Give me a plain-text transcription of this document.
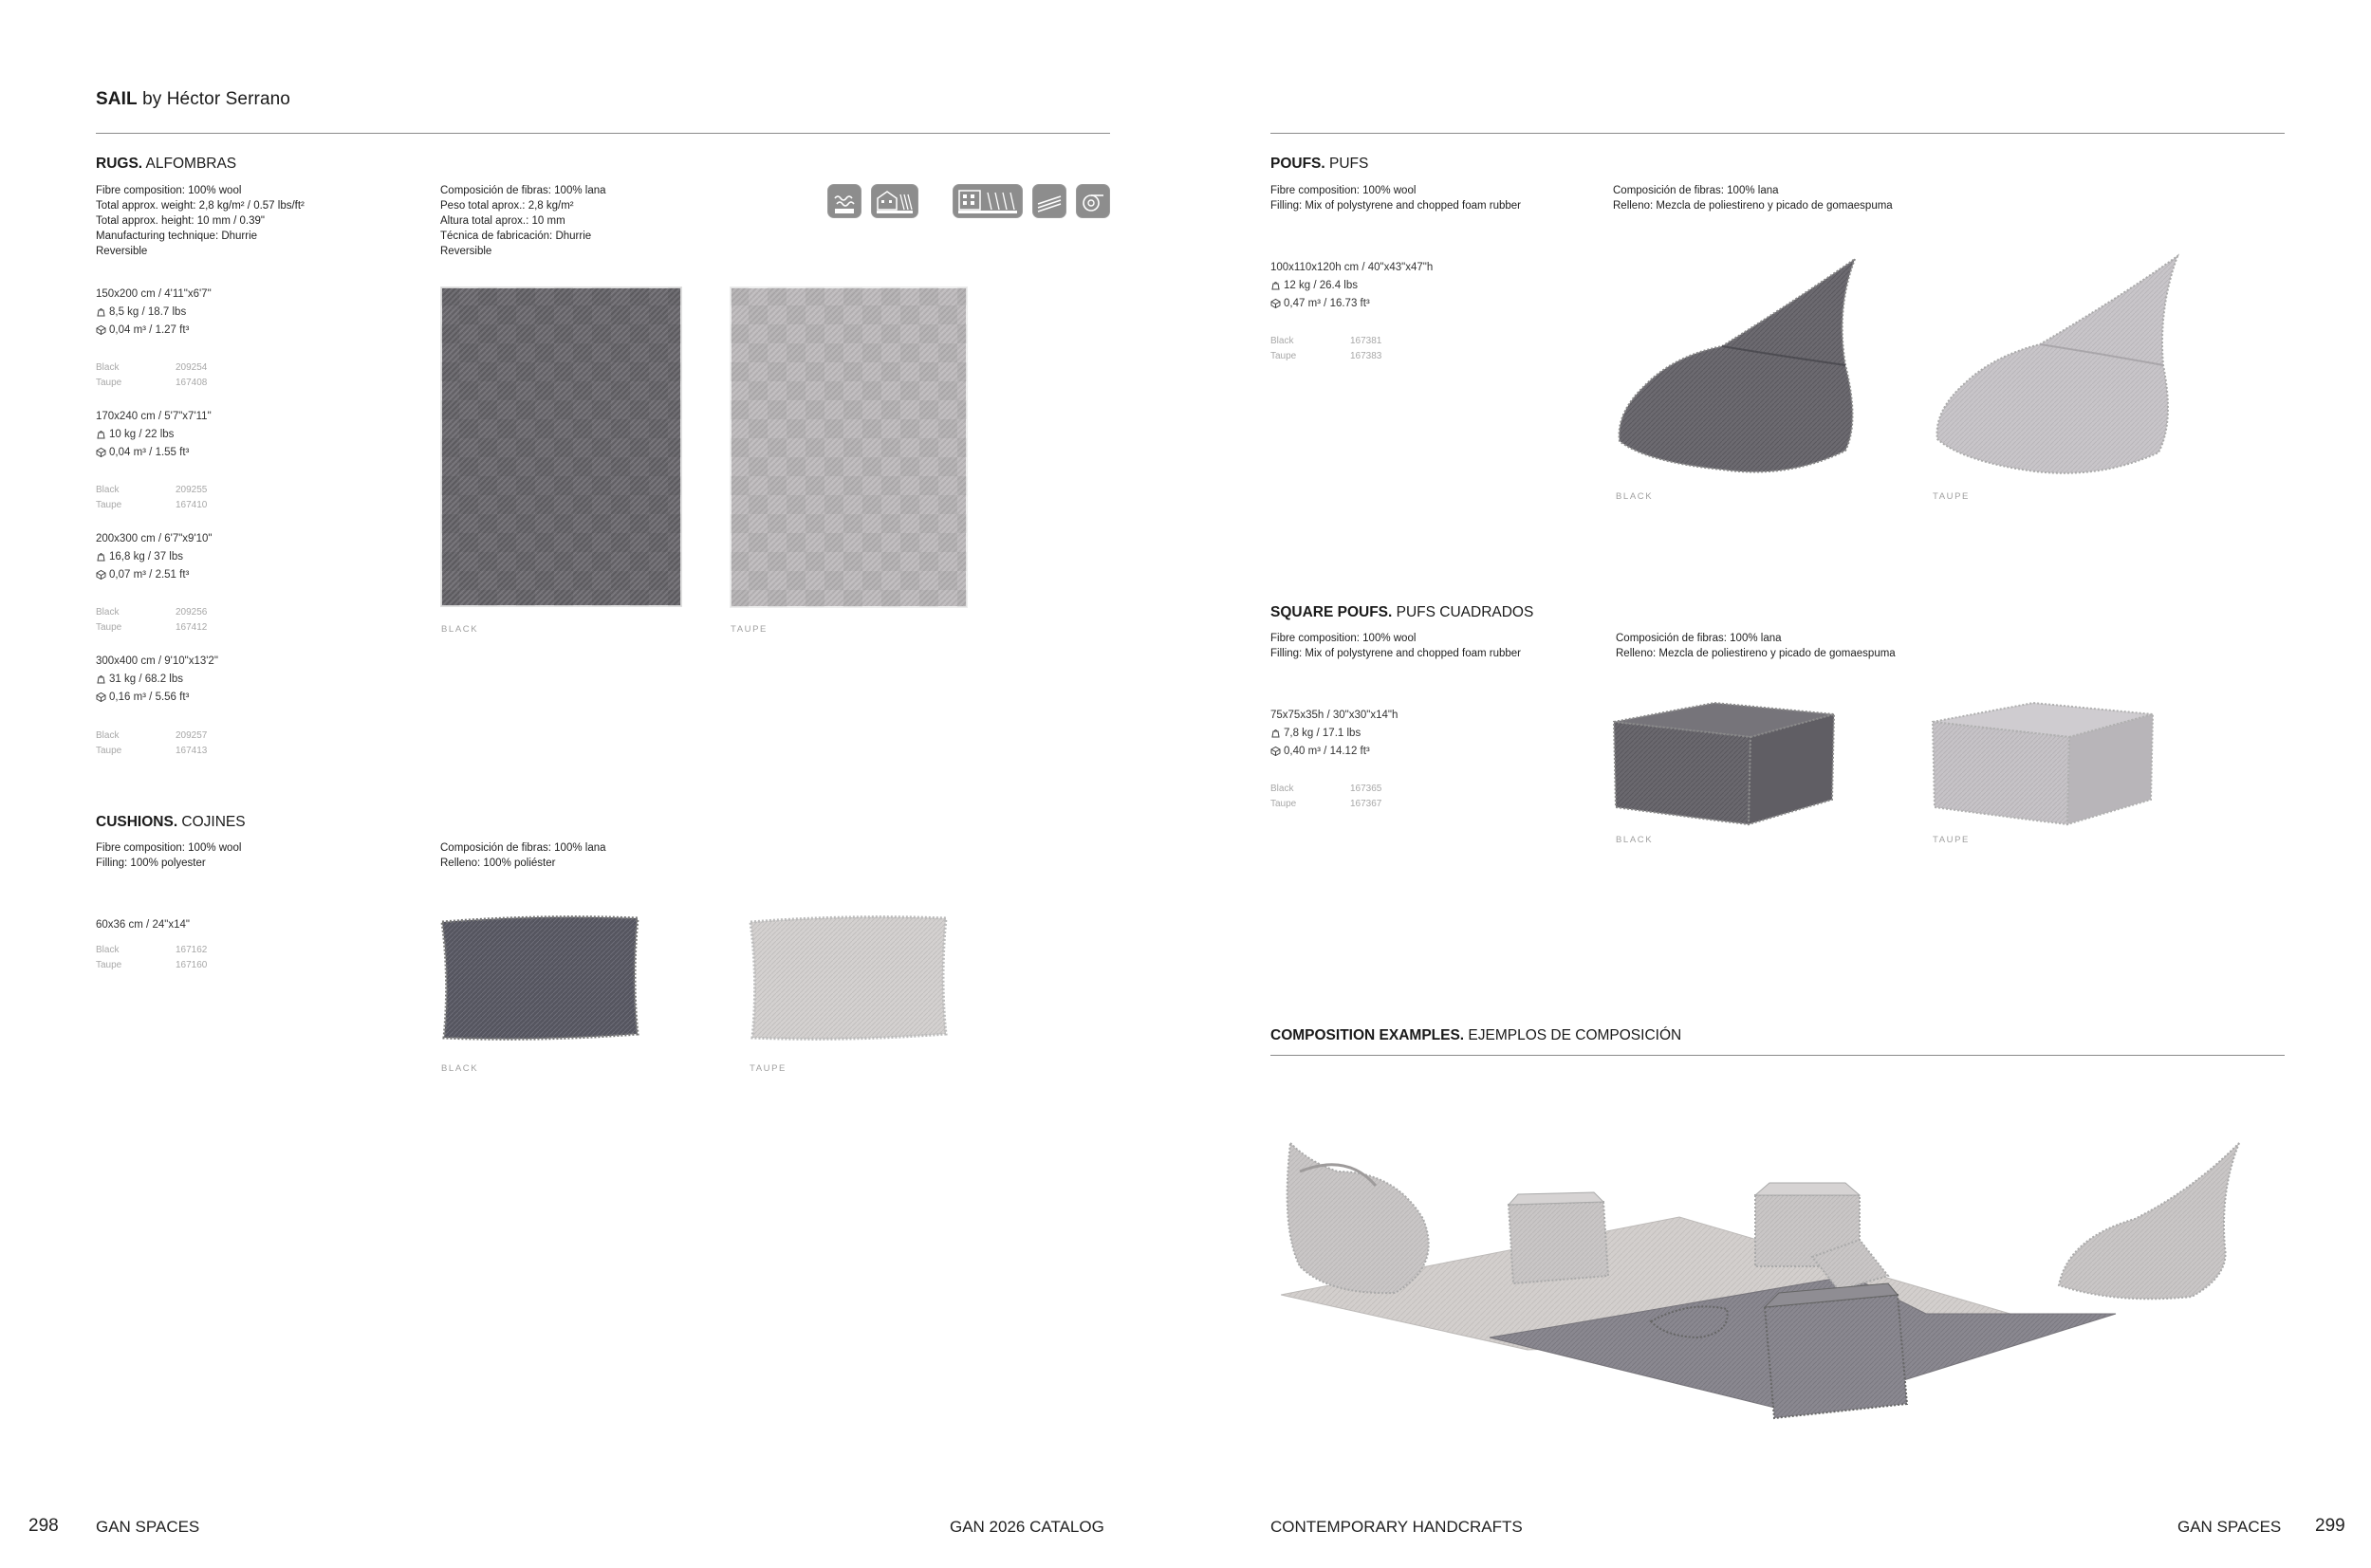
SAIL by Héctor Serrano
RUGS. ALFOMBRAS
Fibre composition: 100% wool
Total approx. weight: 2,8 kg/m² / 0.57 lbs/ft²
Total approx. height: 10 mm / 0.39"
Manufacturing technique: Dhurrie
Reversible
Composición de fibras: 100% lana
Peso total aprox.: 2,8 kg/m²
Altura total aprox.: 10 mm
Técnica de fabricación: Dhurrie
Reversible
150x200 cm / 4'11"x6'7"
8,5 kg / 18.7 lbs
0,04 m³ / 1.27 ft³
Black	209254
Taupe	167408
170x240 cm / 5'7"x7'11"
10 kg / 22 lbs
0,04 m³ / 1.55 ft³
Black	209255
Taupe	167410
200x300 cm / 6'7"x9'10"
16,8 kg / 37 lbs
0,07 m³ / 2.51 ft³
Black	209256
Taupe	167412
300x400 cm / 9'10"x13'2"
31 kg / 68.2 lbs
0,16 m³ / 5.56 ft³
Black	209257
Taupe	167413
BLACK	TAUPE
CUSHIONS. COJINES
Fibre composition: 100% wool
Filling: 100% polyester
Composición de fibras: 100% lana
Relleno: 100% poliéster
60x36 cm / 24"x14"
Black	167162
Taupe	167160
BLACK	TAUPE
298 GAN SPACES	GAN 2026 CATALOG
POUFS. PUFS
Fibre composition: 100% wool
Filling: Mix of polystyrene and chopped foam rubber
Composición de fibras: 100% lana
Relleno: Mezcla de poliestireno y picado de gomaespuma
100x110x120h cm / 40"x43"x47"h
12 kg / 26.4 lbs
0,47 m³ / 16.73 ft³
Black	167381
Taupe	167383
BLACK	TAUPE
SQUARE POUFS. PUFS CUADRADOS
Fibre composition: 100% wool
Filling: Mix of polystyrene and chopped foam rubber
Composición de fibras: 100% lana
Relleno: Mezcla de poliestireno y picado de gomaespuma
75x75x35h / 30"x30"x14"h
7,8 kg / 17.1 lbs
0,40 m³ / 14.12 ft³
Black	167365
Taupe	167367
BLACK	TAUPE
COMPOSITION EXAMPLES. EJEMPLOS DE COMPOSICIÓN
CONTEMPORARY HANDCRAFTS	GAN SPACES 299
